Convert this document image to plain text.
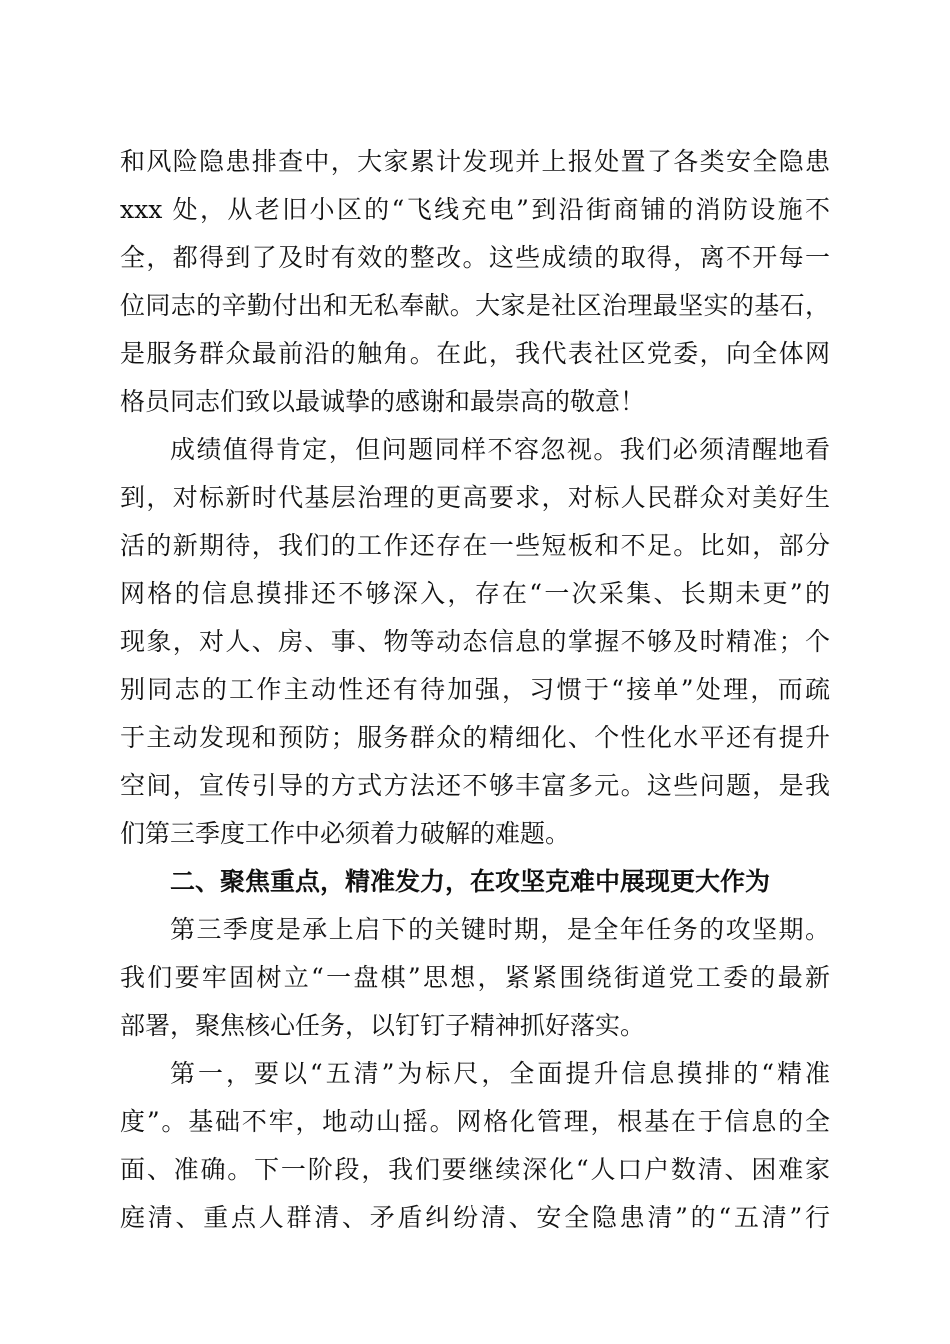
和风险隐患排查中，大家累计发现并上报处置了各类安全隐患
xxx 处，从老旧小区的“飞线充电”到沿街商铺的消防设施不
全，都得到了及时有效的整改。这些成绩的取得，离不开每一
位同志的辛勤付出和无私奉献。大家是社区治理最坚实的基石，
是服务群众最前沿的触角。在此，我代表社区党委，向全体网
格员同志们致以最诚挚的感谢和最崇高的敬意！
成绩值得肯定，但问题同样不容忽视。我们必须清醒地看
到，对标新时代基层治理的更高要求，对标人民群众对美好生
活的新期待，我们的工作还存在一些短板和不足。比如，部分
网格的信息摸排还不够深入，存在“一次采集、长期未更”的
现象，对人、房、事、物等动态信息的掌握不够及时精准；个
别同志的工作主动性还有待加强，习惯于“接单”处理，而疏
于主动发现和预防；服务群众的精细化、个性化水平还有提升
空间，宣传引导的方式方法还不够丰富多元。这些问题，是我
们第三季度工作中必须着力破解的难题。
二、聚焦重点，精准发力，在攻坚克难中展现更大作为
第三季度是承上启下的关键时期，是全年任务的攻坚期。
我们要牢固树立“一盘棋”思想，紧紧围绕街道党工委的最新
部署，聚焦核心任务，以钉钉子精神抓好落实。
第一，要以“五清”为标尺，全面提升信息摸排的“精准
度”。基础不牢，地动山摇。网格化管理，根基在于信息的全
面、准确。下一阶段，我们要继续深化“人口户数清、困难家
庭清、重点人群清、矛盾纠纷清、安全隐患清”的“五清”行
